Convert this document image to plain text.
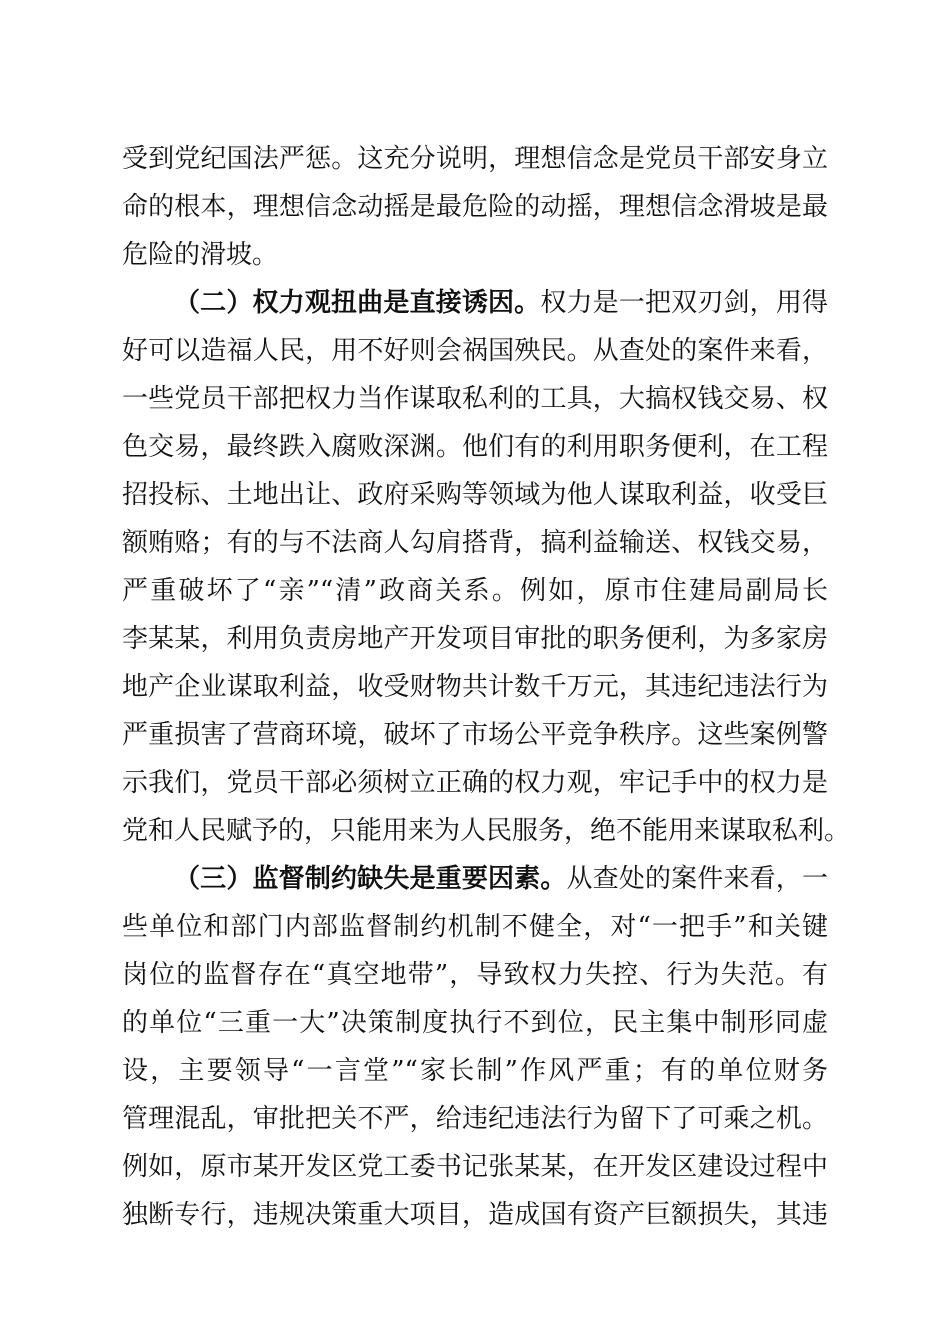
受到党纪国法严惩。这充分说明，理想信念是党员干部安身立
命的根本，理想信念动摇是最危险的动摇，理想信念滑坡是最
危险的滑坡。
（二）权力观扭曲是直接诱因。权力是一把双刃剑，用得
好可以造福人民，用不好则会祸国殃民。从查处的案件来看，
一些党员干部把权力当作谋取私利的工具，大搞权钱交易、权
色交易，最终跌入腐败深渊。他们有的利用职务便利，在工程
招投标、土地出让、政府采购等领域为他人谋取利益，收受巨
额贿赂；有的与不法商人勾肩搭背，搞利益输送、权钱交易，
严重破坏了“亲”“清”政商关系。例如，原市住建局副局长
李某某，利用负责房地产开发项目审批的职务便利，为多家房
地产企业谋取利益，收受财物共计数千万元，其违纪违法行为
严重损害了营商环境，破坏了市场公平竞争秩序。这些案例警
示我们，党员干部必须树立正确的权力观，牢记手中的权力是
党和人民赋予的，只能用来为人民服务，绝不能用来谋取私利。
（三）监督制约缺失是重要因素。从查处的案件来看，一
些单位和部门内部监督制约机制不健全，对“一把手”和关键
岗位的监督存在“真空地带”，导致权力失控、行为失范。有
的单位“三重一大”决策制度执行不到位，民主集中制形同虚
设，主要领导“一言堂”“家长制”作风严重；有的单位财务
管理混乱，审批把关不严，给违纪违法行为留下了可乘之机。
例如，原市某开发区党工委书记张某某，在开发区建设过程中
独断专行，违规决策重大项目，造成国有资产巨额损失，其违
